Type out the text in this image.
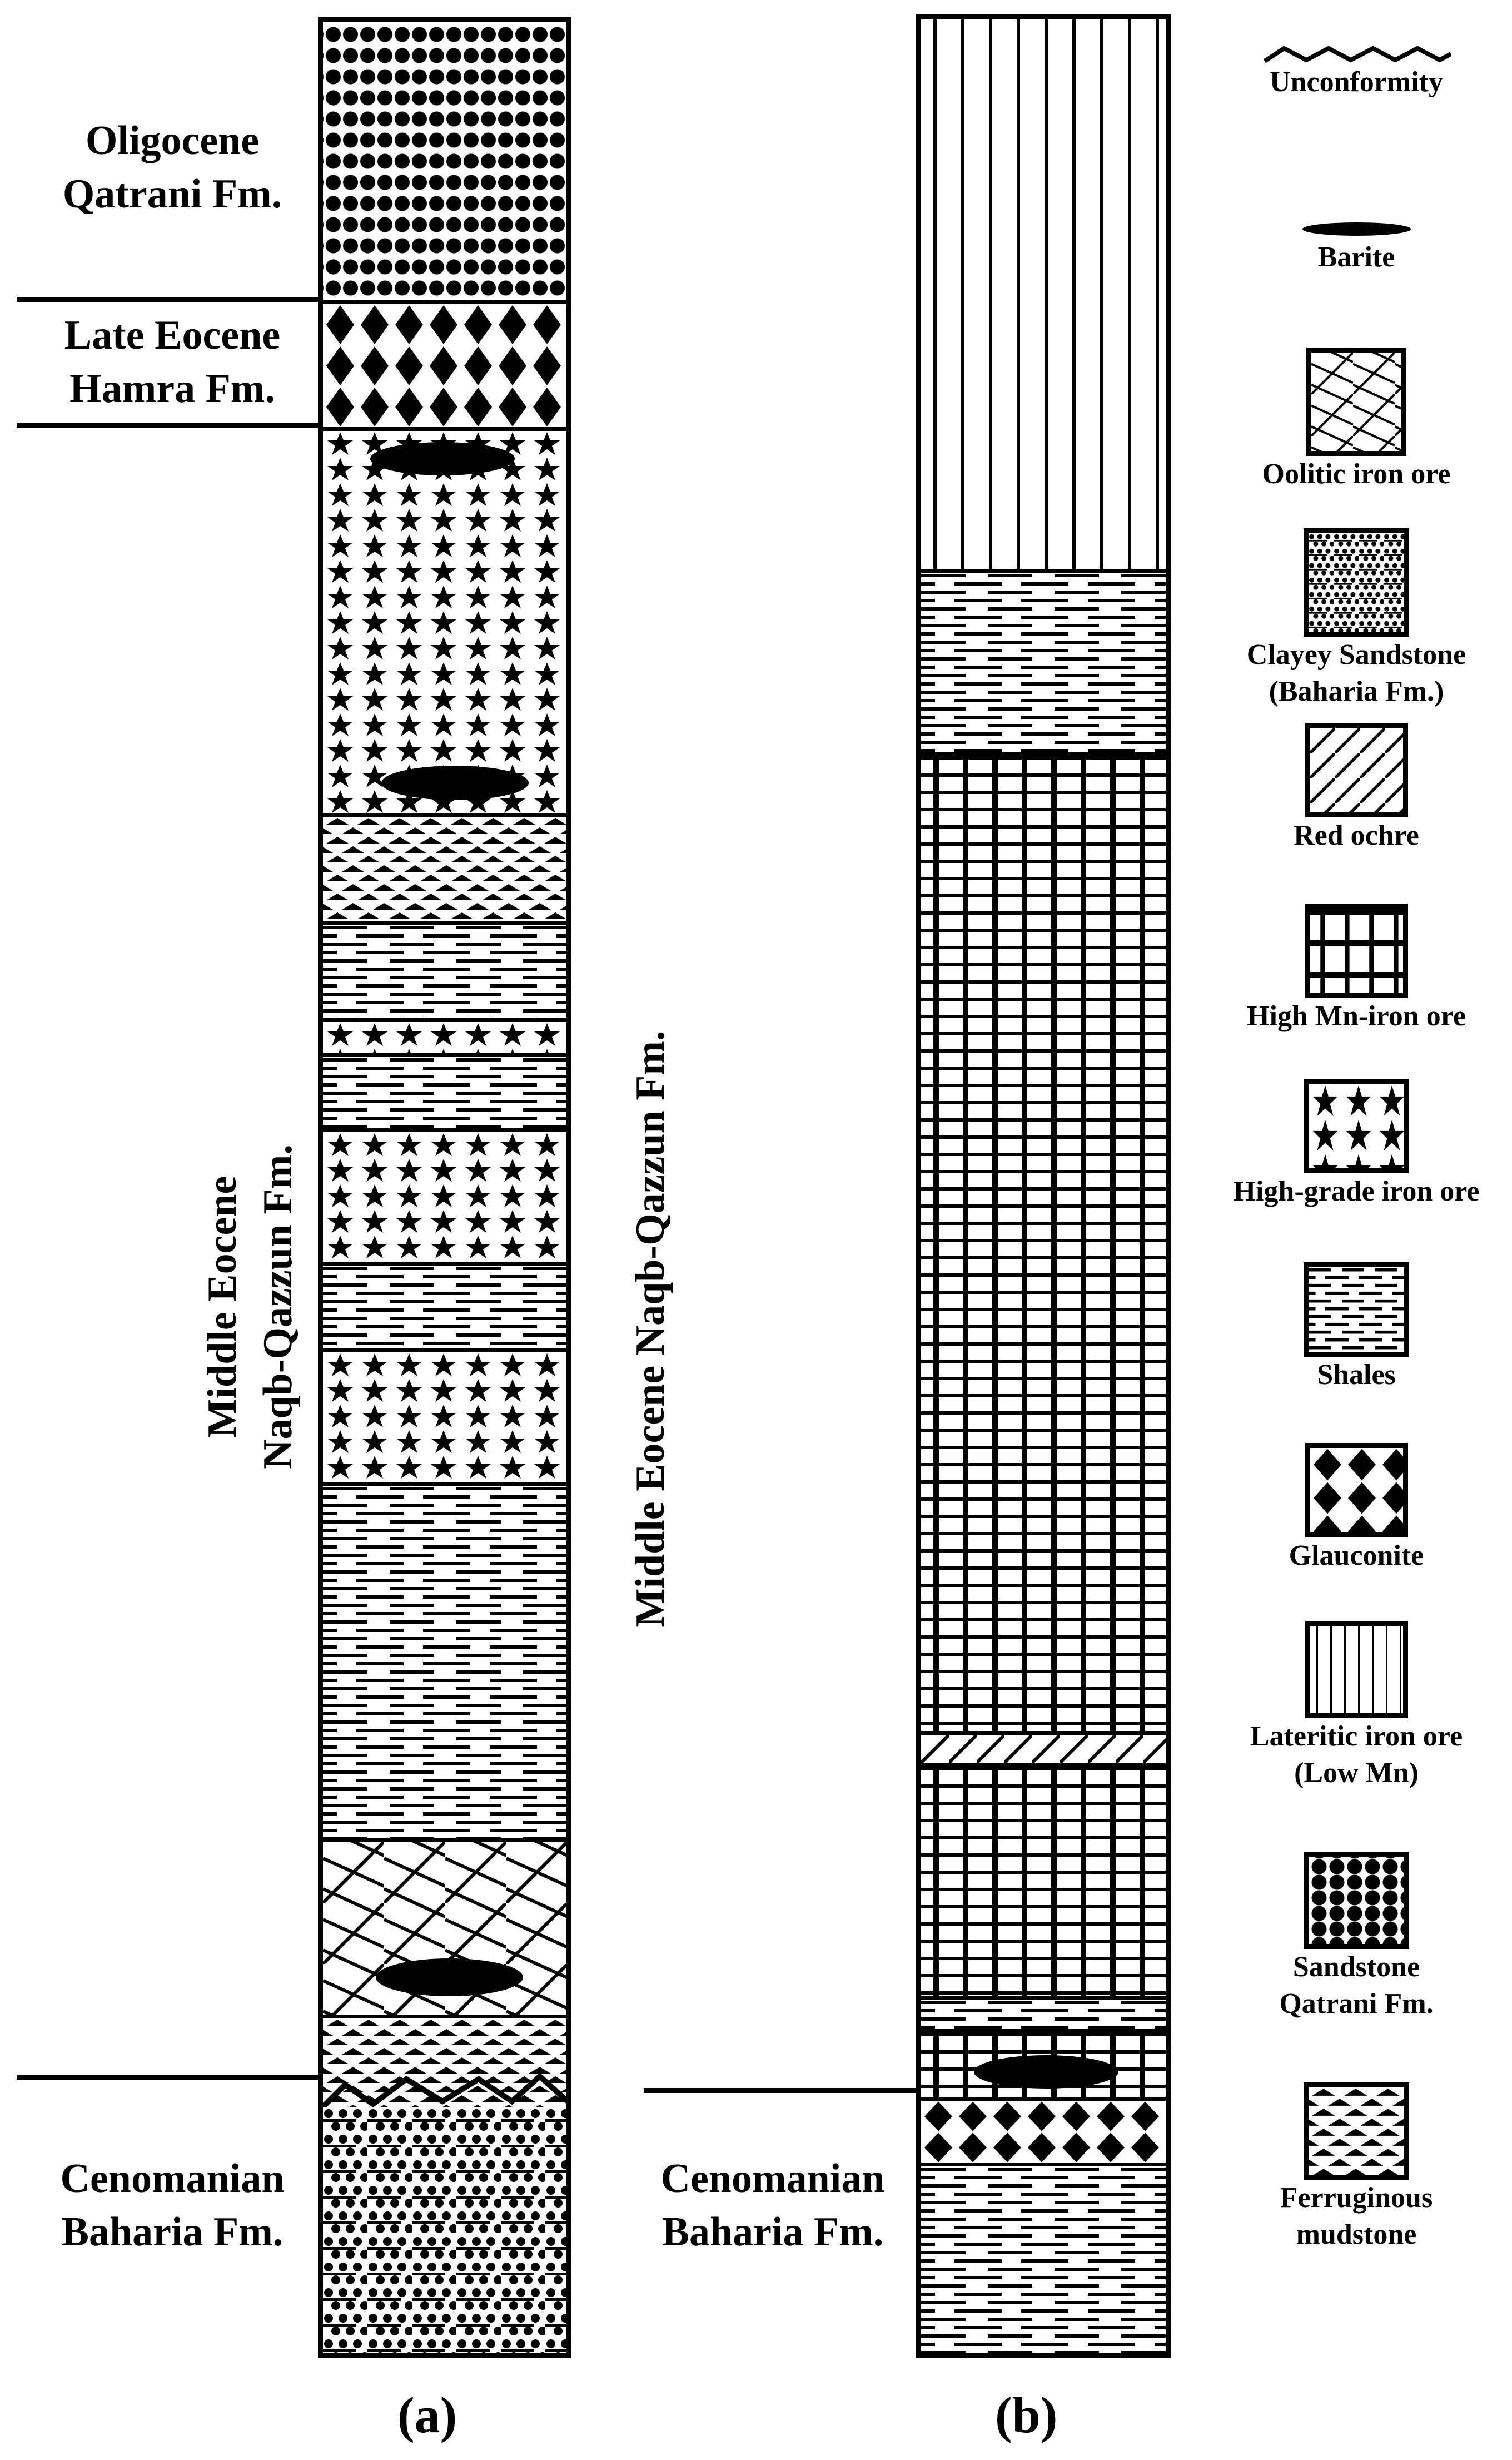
Oligocene
Qatrani Fm.
Late Eocene
Hamra Fm.
Middle Eocene Naqb-Qazzun Fm.
Cenomanian
Baharia Fm.
(a)
Middle Eocene Naqb-Qazzun Fm.
Cenomanian
Baharia Fm.
(b)
Unconformity
Barite
Oolitic iron ore
Clayey Sandstone
(Baharia Fm.)
Red ochre
High Mn-iron ore
High-grade iron ore
Shales
Glauconite
Lateritic iron ore
(Low Mn)
Sandstone
Qatrani Fm.
Ferruginous
mudstone
